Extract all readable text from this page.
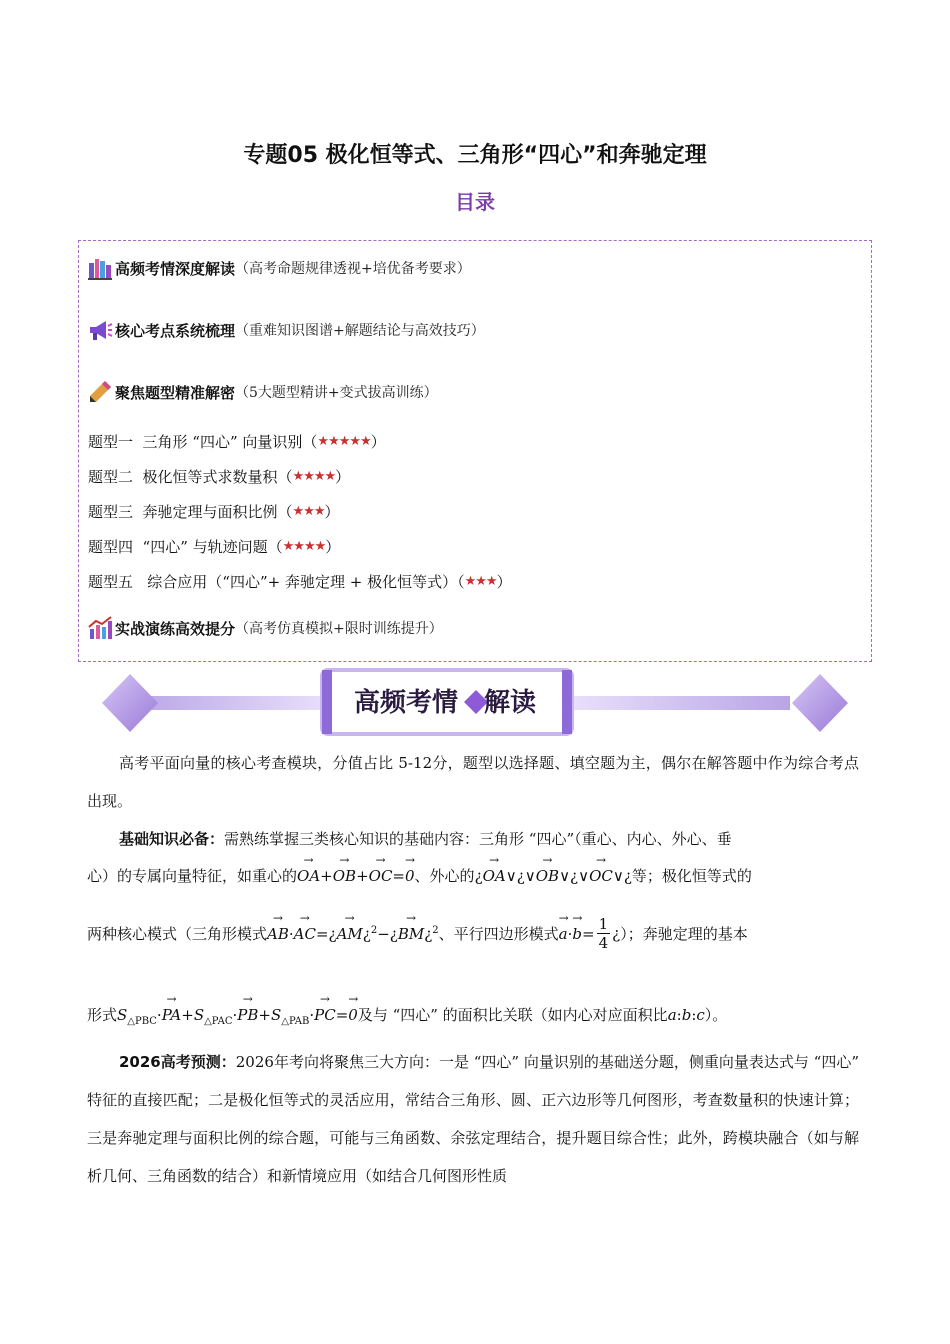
专题05 极化恒等式、三角形“四心”和奔驰定理
目录
高频考情深度解读 （高考命题规律透视+培优备考要求）
核心考点系统梳理 （重难知识图谱+解题结论与高效技巧）
聚焦题型精准解密 （5大题型精讲+变式拔高训练）
题型一  三角形 “四心” 向量识别（ ★★★★★ ）
题型二  极化恒等式求数量积（ ★★★★ ）
题型三  奔驰定理与面积比例（ ★★★ ）
题型四  “四心” 与轨迹问题（ ★★★★ ）
题型五   综合应用（“四心”+ 奔驰定理 + 极化恒等式）（ ★★★ ）
实战演练高效提分 （高考仿真模拟+限时训练提升）
高频考情 解读
高考平面向量的核心考查模块，分值占比 5-12分，题型以选择题、填空题为主，偶尔在解答题中作为综合考点出现。
基础知识必备：需熟练掌握三类核心知识的基础内容：三角形 “四心”（重心、内心、外心、垂
心）的专属向量特征，如重心的→ OA+→ OB+→ OC=→ 0、外心的¿→ OA∨¿∨→ OB∨¿∨→ OC∨¿等；极化恒等式的
两种核心模式（三角形模式→ AB·→ AC=¿→ AM¿$^2$−¿→ BM¿$^2$、平行四边形模式→ $a\cdot\to b= \frac{1}{4}$ ¿）；奔驰定理的基本
形式$S_{\triangle PBC}\cdot\to PA+S_{\triangle PAC}\cdot\to PB+S_{\triangle PAB}\cdot\to PC=\to 0$及与 “四心” 的面积比关联（如内心对应面积比a:b:c）。
2026高考预测：2026年考向将聚焦三大方向：一是 “四心” 向量识别的基础送分题，侧重向量表达式与 “四心” 特征的直接匹配；二是极化恒等式的灵活应用，常结合三角形、圆、正六边形等几何图形，考查数量积的快速计算；三是奔驰定理与面积比例的综合题，可能与三角函数、余弦定理结合，提升题目综合性；此外，跨模块融合（如与解析几何、三角函数的结合）和新情境应用（如结合几何图形性质
